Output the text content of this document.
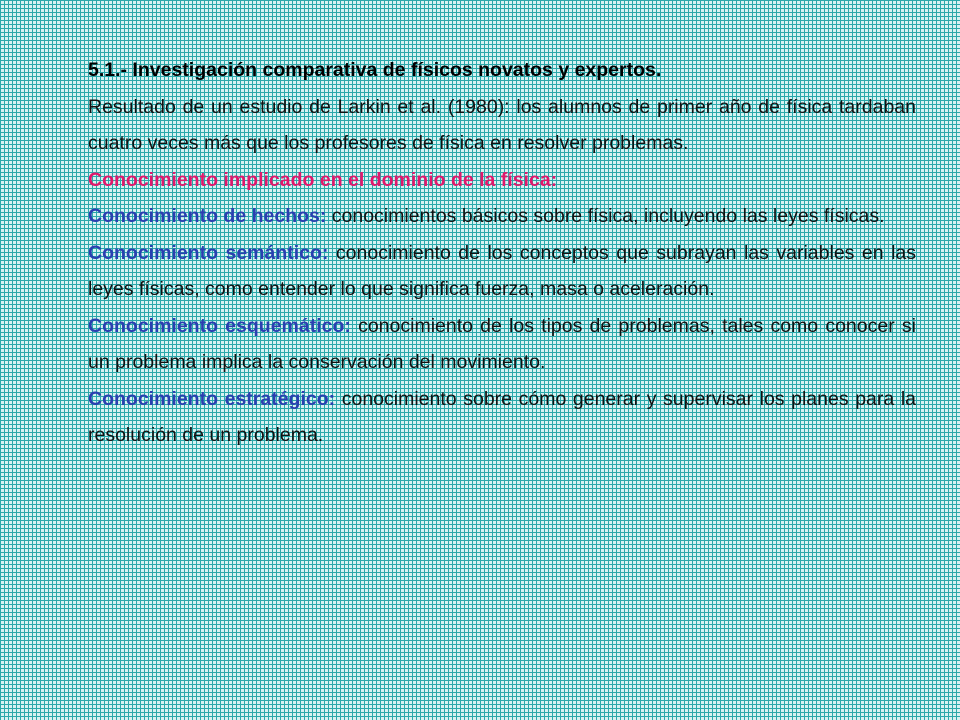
5.1.- Investigación comparativa de físicos novatos y expertos.

Resultado de un estudio de Larkin et al. (1980): los alumnos de primer año de física tardaban cuatro veces más que los profesores de física en resolver problemas.

Conocimiento implicado en el dominio de la física:

Conocimiento de hechos: conocimientos básicos sobre física, incluyendo las leyes físicas.

Conocimiento semántico: conocimiento de los conceptos que subrayan las variables en las leyes físicas, como entender lo que significa fuerza, masa o aceleración.

Conocimiento esquemático: conocimiento de los tipos de problemas, tales como conocer si un problema implica la conservación del movimiento.

Conocimiento estratégico: conocimiento sobre cómo generar y supervisar los planes para la resolución de un problema.
